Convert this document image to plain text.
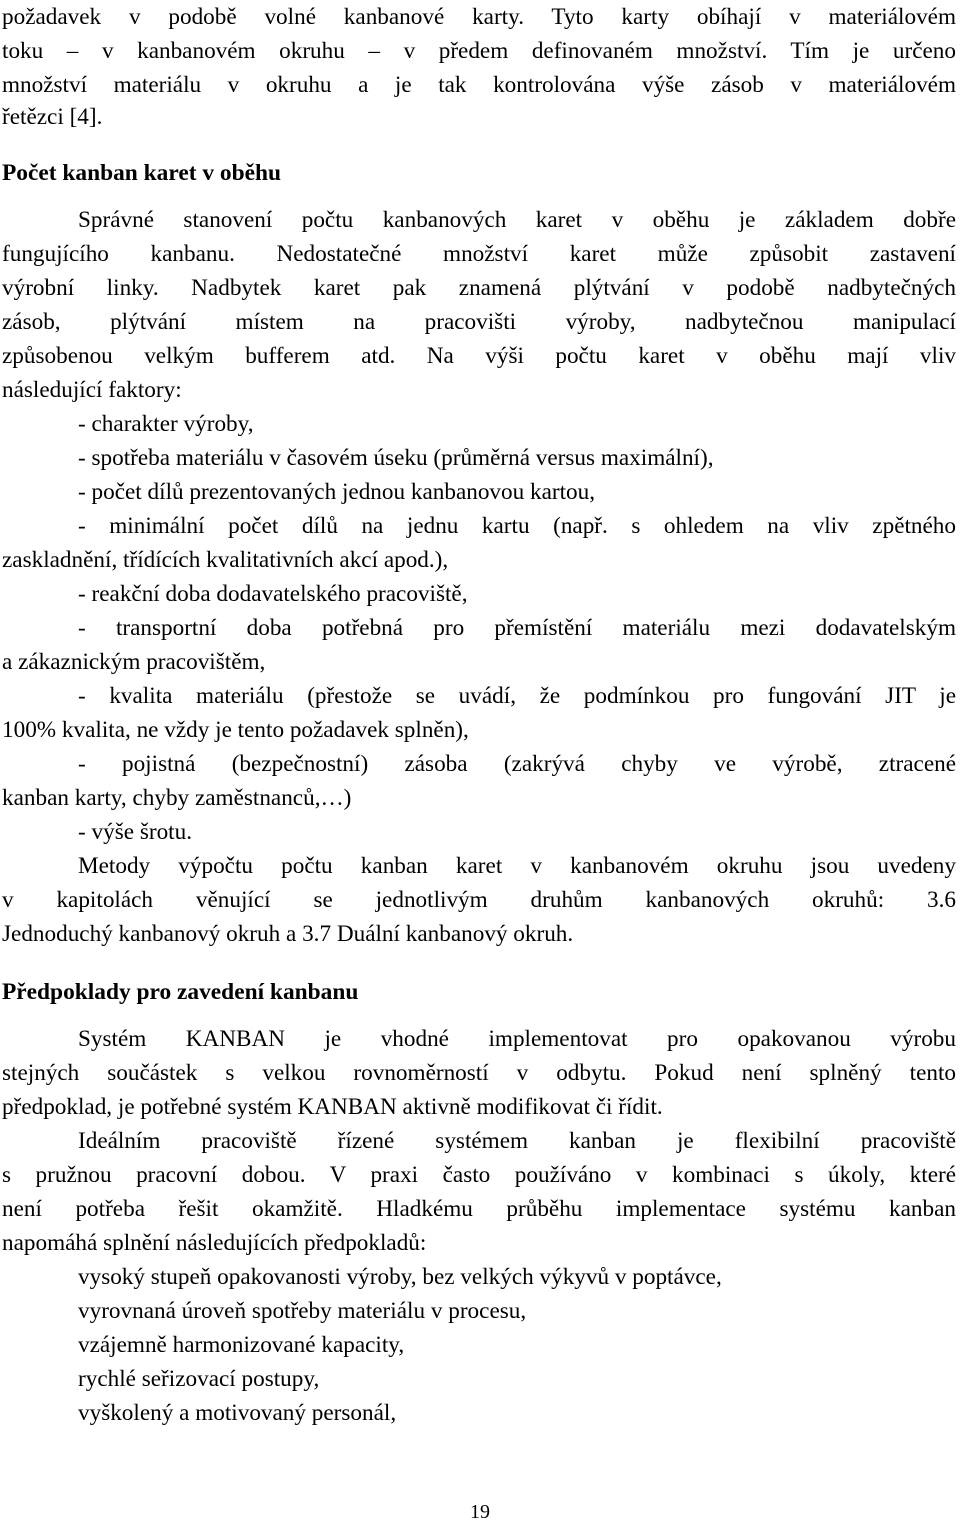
požadavek v podobě volné kanbanové karty. Tyto karty obíhají v materiálovém
toku – v kanbanovém okruhu – v předem definovaném množství. Tím je určeno
množství materiálu v okruhu a je tak kontrolována výše zásob v materiálovém
řetězci [4].
Počet kanban karet v oběhu
Správné stanovení počtu kanbanových karet v oběhu je základem dobře
fungujícího kanbanu. Nedostatečné množství karet může způsobit zastavení
výrobní linky. Nadbytek karet pak znamená plýtvání v podobě nadbytečných
zásob, plýtvání místem na pracovišti výroby, nadbytečnou manipulací
způsobenou velkým bufferem atd. Na výši počtu karet v oběhu mají vliv
následující faktory:
- charakter výroby,
- spotřeba materiálu v časovém úseku (průměrná versus maximální),
- počet dílů prezentovaných jednou kanbanovou kartou,
- minimální počet dílů na jednu kartu (např. s ohledem na vliv zpětného
zaskladnění, třídících kvalitativních akcí apod.),
- reakční doba dodavatelského pracoviště,
- transportní doba potřebná pro přemístění materiálu mezi dodavatelským
a zákaznickým pracovištěm,
- kvalita materiálu (přestože se uvádí, že podmínkou pro fungování JIT je
100% kvalita, ne vždy je tento požadavek splněn),
- pojistná (bezpečnostní) zásoba (zakrývá chyby ve výrobě, ztracené
kanban karty, chyby zaměstnanců,…)
- výše šrotu.
Metody výpočtu počtu kanban karet v kanbanovém okruhu jsou uvedeny
v kapitolách věnující se jednotlivým druhům kanbanových okruhů: 3.6
Jednoduchý kanbanový okruh a 3.7 Duální kanbanový okruh.
Předpoklady pro zavedení kanbanu
Systém KANBAN je vhodné implementovat pro opakovanou výrobu
stejných součástek s velkou rovnoměrností v odbytu. Pokud není splněný tento
předpoklad, je potřebné systém KANBAN aktivně modifikovat či řídit.
Ideálním pracoviště řízené systémem kanban je flexibilní pracoviště
s pružnou pracovní dobou. V praxi často používáno v kombinaci s úkoly, které
není potřeba řešit okamžitě. Hladkému průběhu implementace systému kanban
napomáhá splnění následujících předpokladů:
vysoký stupeň opakovanosti výroby, bez velkých výkyvů v poptávce,
vyrovnaná úroveň spotřeby materiálu v procesu,
vzájemně harmonizované kapacity,
rychlé seřizovací postupy,
vyškolený a motivovaný personál,
19
